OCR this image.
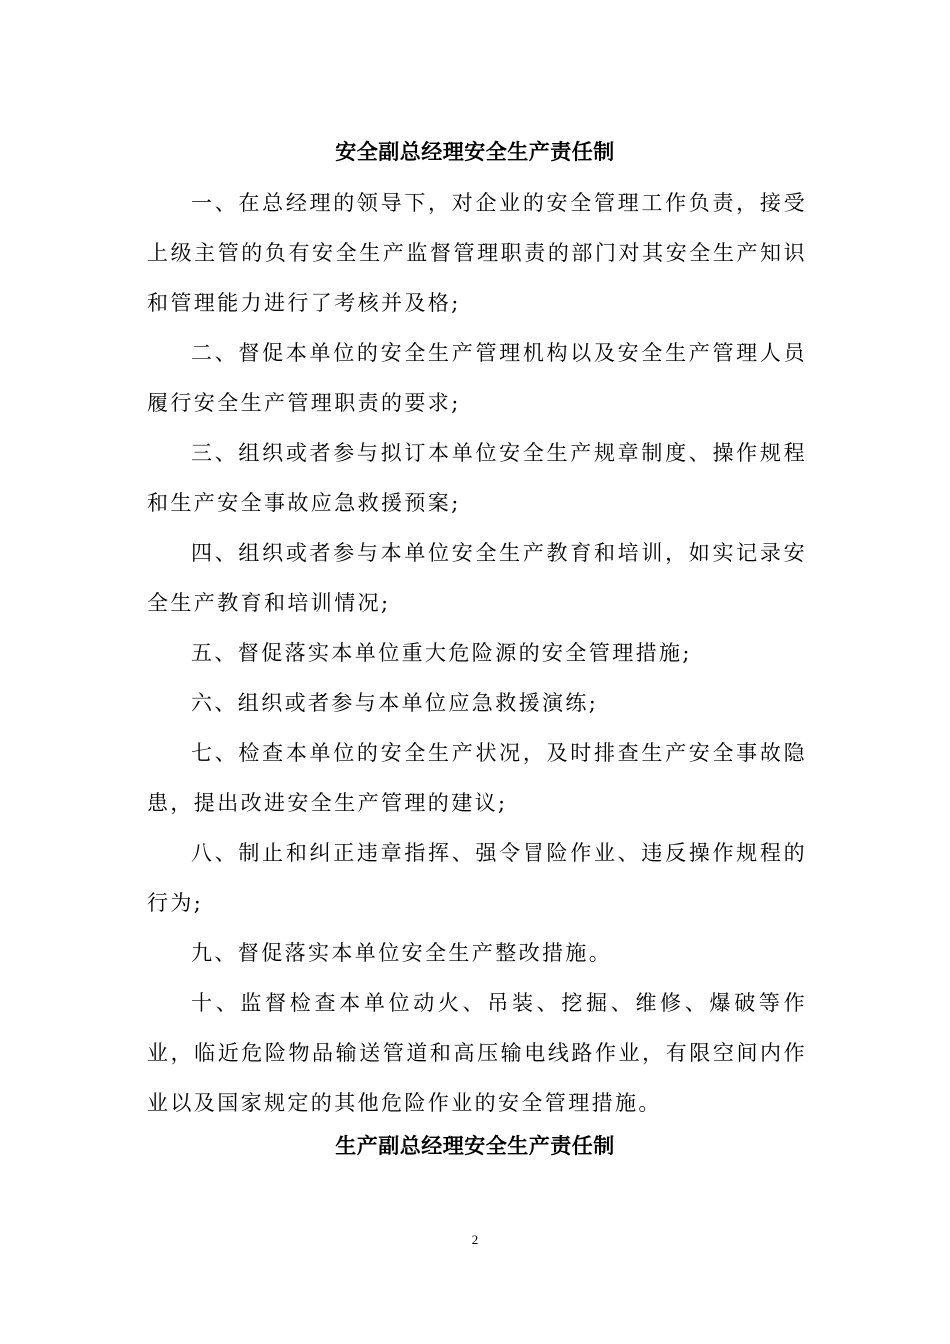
安全副总经理安全生产责任制

一、在总经理的领导下，对企业的安全管理工作负责，接受上级主管的负有安全生产监督管理职责的部门对其安全生产知识和管理能力进行了考核并及格;

二、督促本单位的安全生产管理机构以及安全生产管理人员履行安全生产管理职责的要求;

三、组织或者参与拟订本单位安全生产规章制度、操作规程和生产安全事故应急救援预案;

四、组织或者参与本单位安全生产教育和培训，如实记录安全生产教育和培训情况;

五、督促落实本单位重大危险源的安全管理措施;

六、组织或者参与本单位应急救援演练;

七、检查本单位的安全生产状况，及时排查生产安全事故隐患，提出改进安全生产管理的建议;

八、制止和纠正违章指挥、强令冒险作业、违反操作规程的行为;

九、督促落实本单位安全生产整改措施。

十、监督检查本单位动火、吊装、挖掘、维修、爆破等作业，临近危险物品输送管道和高压输电线路作业，有限空间内作业以及国家规定的其他危险作业的安全管理措施。

生产副总经理安全生产责任制
2
